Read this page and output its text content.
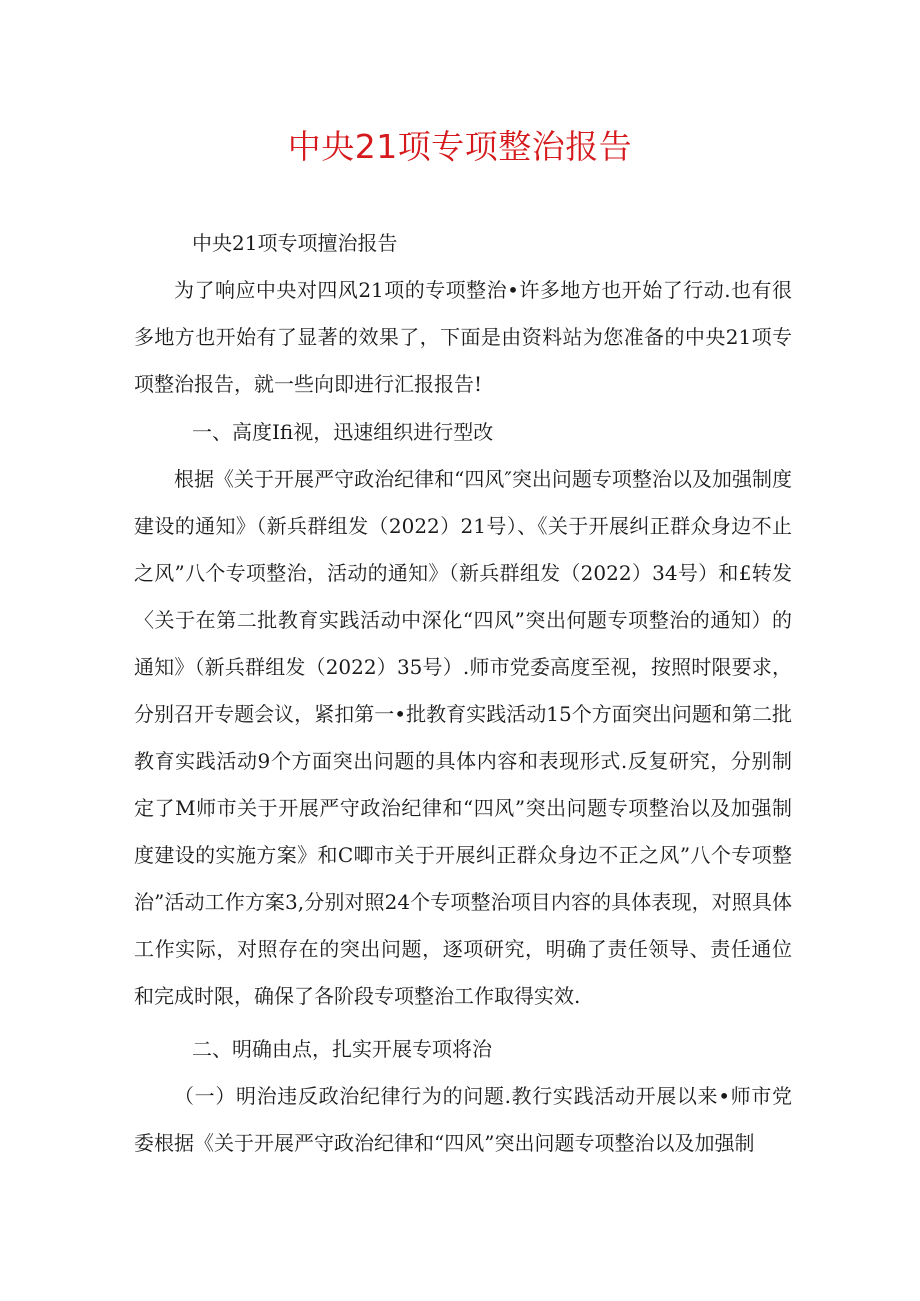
中央21项专项整治报告

中央21项专项擅治报告

为了响应中央对四风21项的专项整治•许多地方也开始了行动.也有很多地方也开始有了显著的效果了，下面是由资料站为您准备的中央21项专项整治报告，就一些向即进行汇报报告!

一、高度Ifi视，迅速组织进行型改

根据《关于开展严守政治纪律和“四风″突出问题专项整治以及加强制度建设的通知》（新兵群组发（2022）21号）、《关于开展纠正群众身边不止之风”八个专项整治，活动的通知》（新兵群组发（2022）34号）和£转发〈关于在第二批教育实践活动中深化“四风”突出何题专项整治的通知）的通知》（新兵群组发（2022）35号）.师市党委高度至视，按照时限要求，分别召开专题会议，紧扣第一•批教育实践活动15个方面突出问题和第二批教育实践活动9个方面突出问题的具体内容和表现形式.反复研究，分别制定了M师市关于开展严守政治纪律和“四风”突出问题专项整治以及加强制度建设的实施方案》和C唧市关于开展纠正群众身边不正之风”八个专项整治”活动工作方案3,分别对照24个专项整治项目内容的具体表现，对照具体工作实际，对照存在的突出问题，逐项研究，明确了责任领导、责任通位和完成时限，确保了各阶段专项整治工作取得实效.

二、明确由点，扎实开展专项将治

（一）明治违反政治纪律行为的问题.教行实践活动开展以来•师市党委根据《关于开展严守政治纪律和“四风”突出问题专项整治以及加强制
